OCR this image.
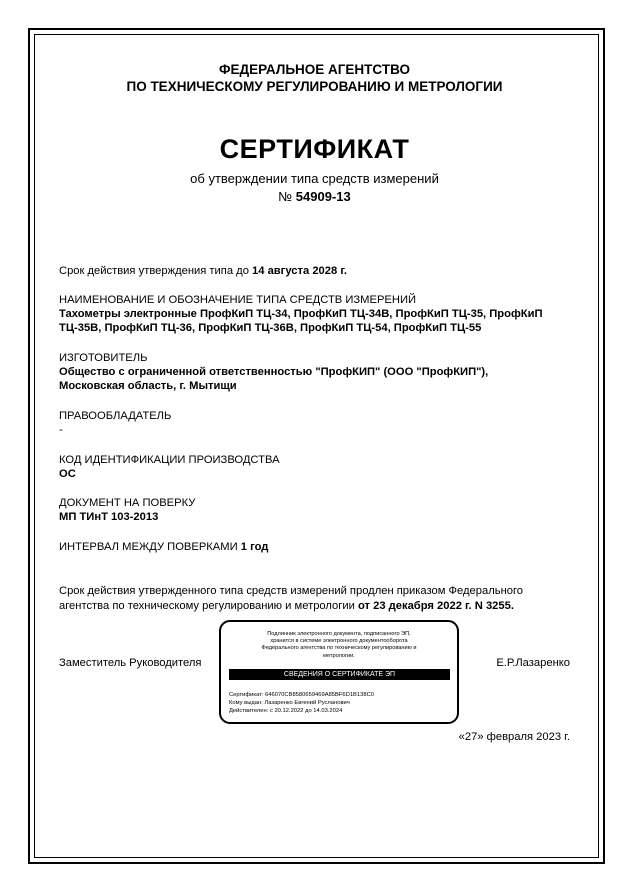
ФЕДЕРАЛЬНОЕ АГЕНТСТВО
ПО ТЕХНИЧЕСКОМУ РЕГУЛИРОВАНИЮ И МЕТРОЛОГИИ
СЕРТИФИКАТ
об утверждении типа средств измерений
№ 54909-13
Срок действия утверждения типа до 14 августа 2028 г.
НАИМЕНОВАНИЕ И ОБОЗНАЧЕНИЕ ТИПА СРЕДСТВ ИЗМЕРЕНИЙ
Тахометры электронные ПрофКиП ТЦ-34, ПрофКиП ТЦ-34В, ПрофКиП ТЦ-35, ПрофКиП
ТЦ-35В, ПрофКиП ТЦ-36, ПрофКиП ТЦ-36В, ПрофКиП ТЦ-54, ПрофКиП ТЦ-55
ИЗГОТОВИТЕЛЬ
Общество с ограниченной ответственностью "ПрофКИП" (ООО "ПрофКИП"),
Московская область, г. Мытищи
ПРАВООБЛАДАТЕЛЬ
-
КОД ИДЕНТИФИКАЦИИ ПРОИЗВОДСТВА
ОС
ДОКУМЕНТ НА ПОВЕРКУ
МП ТИнТ 103-2013
ИНТЕРВАЛ МЕЖДУ ПОВЕРКАМИ 1 год
Срок действия утвержденного типа средств измерений продлен приказом Федерального
агентства по техническому регулированию и метрологии от 23 декабря 2022 г. N 3255.
Подлинник электронного документа, подписанного ЭП,
хранится в системе электронного документооборота
Федерального агентства по техническому регулированию и
метрологии.
СВЕДЕНИЯ О СЕРТИФИКАТЕ ЭП
Сертификат: 646070CB8580659469A85BF6D1B138C0
Кому выдан: Лазаренко Евгений Русланович
Действителен: с 20.12.2022 до 14.03.2024
Заместитель Руководителя	Е.Р.Лазаренко
«27» февраля 2023 г.
